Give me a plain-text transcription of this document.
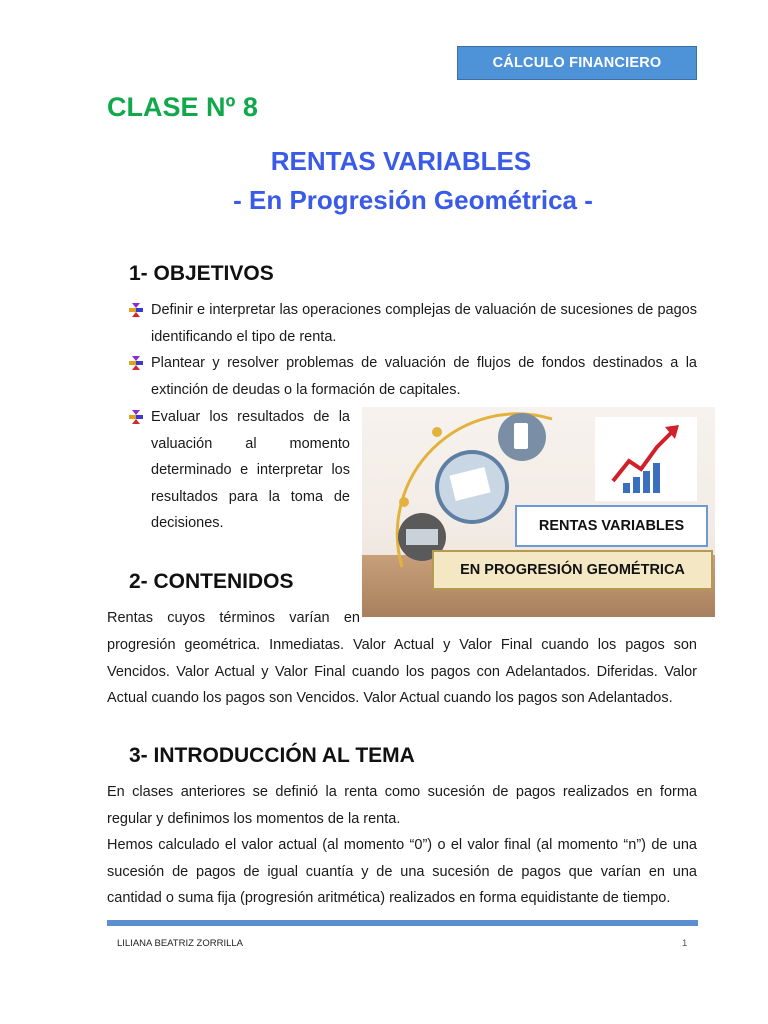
CÁLCULO FINANCIERO
CLASE Nº 8
RENTAS VARIABLES
- En Progresión Geométrica -
1- OBJETIVOS

Definir e interpretar las operaciones complejas de valuación de sucesiones de pagos identificando el tipo de renta.

Plantear y resolver problemas de valuación de flujos de fondos destinados a la extinción de deudas o la formación de capitales.

Evaluar los resultados de la valuación al momento determinado e interpretar los resultados para la toma de decisiones.	RENTAS VARIABLES
EN PROGRESIÓN GEOMÉTRICA
2- CONTENIDOS

Rentas cuyos términos varían en

progresión geométrica. Inmediatas. Valor Actual y Valor Final cuando los pagos son Vencidos. Valor Actual y Valor Final cuando los pagos con Adelantados. Diferidas. Valor Actual cuando los pagos son Vencidos. Valor Actual cuando los pagos son Adelantados.

3- INTRODUCCIÓN AL TEMA

En clases anteriores se definió la renta como sucesión de pagos realizados en forma regular y definimos los momentos de la renta.

Hemos calculado el valor actual (al momento “0”) o el valor final (al momento “n”) de una sucesión de pagos de igual cuantía y de una sucesión de pagos que varían en una cantidad o suma fija (progresión aritmética) realizados en forma equidistante de tiempo.

LILIANA BEATRIZ ZORRILLA	1
